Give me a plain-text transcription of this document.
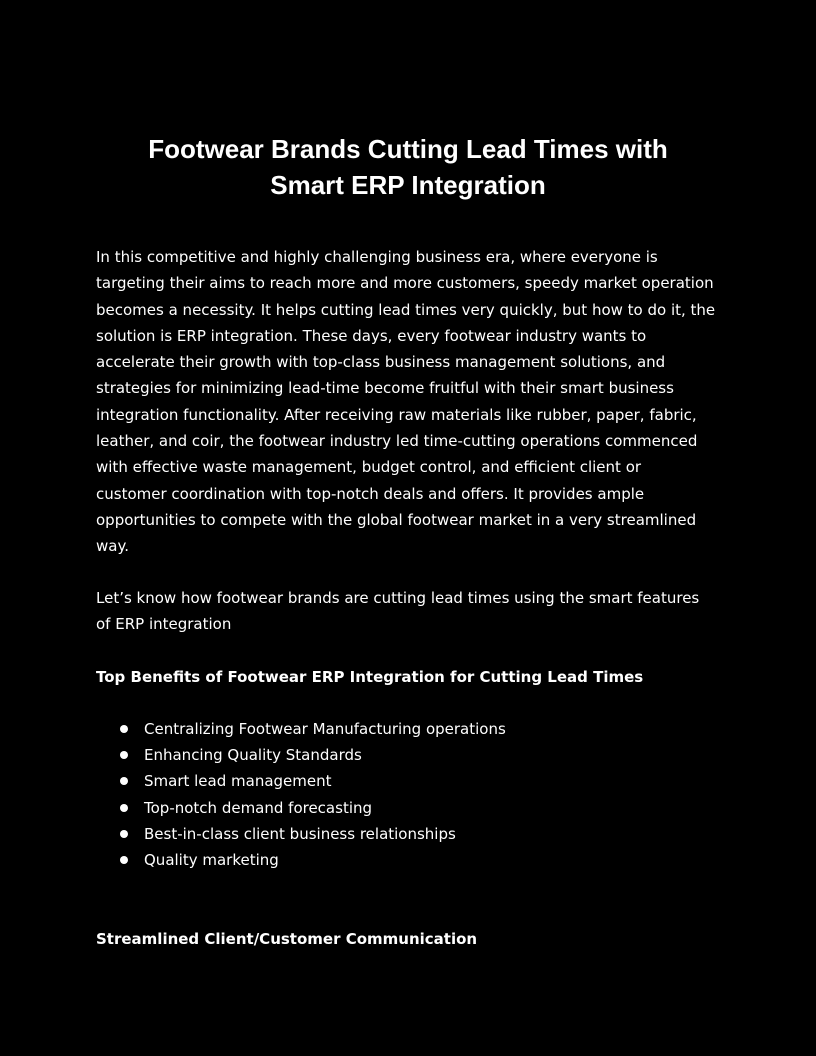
Footwear Brands Cutting Lead Times with
Smart ERP Integration

In this competitive and highly challenging business era, where everyone is
targeting their aims to reach more and more customers, speedy market operation
becomes a necessity. It helps cutting lead times very quickly, but how to do it, the
solution is ERP integration. These days, every footwear industry wants to
accelerate their growth with top-class business management solutions, and
strategies for minimizing lead-time become fruitful with their smart business
integration functionality. After receiving raw materials like rubber, paper, fabric,
leather, and coir, the footwear industry led time-cutting operations commenced
with effective waste management, budget control, and efficient client or
customer coordination with top-notch deals and offers. It provides ample
opportunities to compete with the global footwear market in a very streamlined
way.

Let’s know how footwear brands are cutting lead times using the smart features
of ERP integration

Top Benefits of Footwear ERP Integration for Cutting Lead Times
Centralizing Footwear Manufacturing operations
Enhancing Quality Standards
Smart lead management
Top-notch demand forecasting
Best-in-class client business relationships
Quality marketing
Streamlined Client/Customer Communication
